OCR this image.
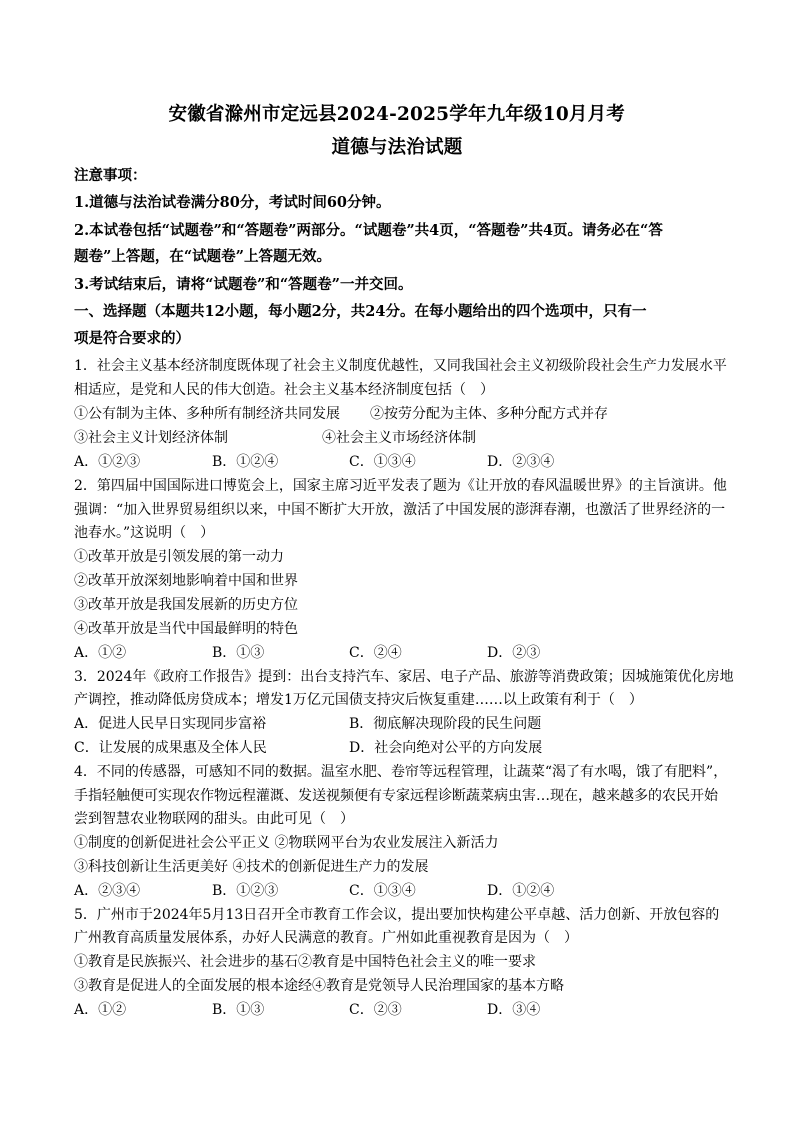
安徽省滁州市定远县2024-2025学年九年级10月月考
道德与法治试题
注意事项：
1.道德与法治试卷满分80分，考试时间60分钟。
2.本试卷包括“试题卷”和“答题卷”两部分。“试题卷”共4页，“答题卷”共4页。请务必在“答
题卷”上答题，在“试题卷”上答题无效。
3.考试结束后，请将“试题卷”和“答题卷”一并交回。
一、选择题（本题共12小题，每小题2分，共24分。在每小题给出的四个选项中，只有一
项是符合要求的）
1．社会主义基本经济制度既体现了社会主义制度优越性，又同我国社会主义初级阶段社会生产力发展水平
相适应，是党和人民的伟大创造。社会主义基本经济制度包括（　）
①公有制为主体、多种所有制经济共同发展 ②按劳分配为主体、多种分配方式并存
③社会主义计划经济体制	④社会主义市场经济体制
A．①②③	B．①②④	C．①③④	D．②③④
2．第四届中国国际进口博览会上，国家主席习近平发表了题为《让开放的春风温暖世界》的主旨演讲。他
强调：“加入世界贸易组织以来，中国不断扩大开放，激活了中国发展的澎湃春潮，也激活了世界经济的一
池春水。”这说明（　）
①改革开放是引领发展的第一动力
②改革开放深刻地影响着中国和世界
③改革开放是我国发展新的历史方位
④改革开放是当代中国最鲜明的特色
A．①②	B．①③	C．②④	D．②③
3．2024年《政府工作报告》提到：出台支持汽车、家居、电子产品、旅游等消费政策；因城施策优化房地
产调控，推动降低房贷成本；增发1万亿元国债支持灾后恢复重建……以上政策有利于（　）
A．促进人民早日实现同步富裕	B．彻底解决现阶段的民生问题
C．让发展的成果惠及全体人民	D．社会向绝对公平的方向发展
4．不同的传感器，可感知不同的数据。温室水肥、卷帘等远程管理，让蔬菜“渴了有水喝，饿了有肥料”，
手指轻触便可实现农作物远程灌溉、发送视频便有专家远程诊断蔬菜病虫害…现在，越来越多的农民开始
尝到智慧农业物联网的甜头。由此可见（　）
①制度的创新促进社会公平正义 ②物联网平台为农业发展注入新活力
③科技创新让生活更美好 ④技术的创新促进生产力的发展
A．②③④	B．①②③	C．①③④	D．①②④
5．广州市于2024年5月13日召开全市教育工作会议，提出要加快构建公平卓越、活力创新、开放包容的
广州教育高质量发展体系，办好人民满意的教育。广州如此重视教育是因为（　）
①教育是民族振兴、社会进步的基石②教育是中国特色社会主义的唯一要求
③教育是促进人的全面发展的根本途经④教育是党领导人民治理国家的基本方略
A．①②	B．①③	C．②③	D．③④
